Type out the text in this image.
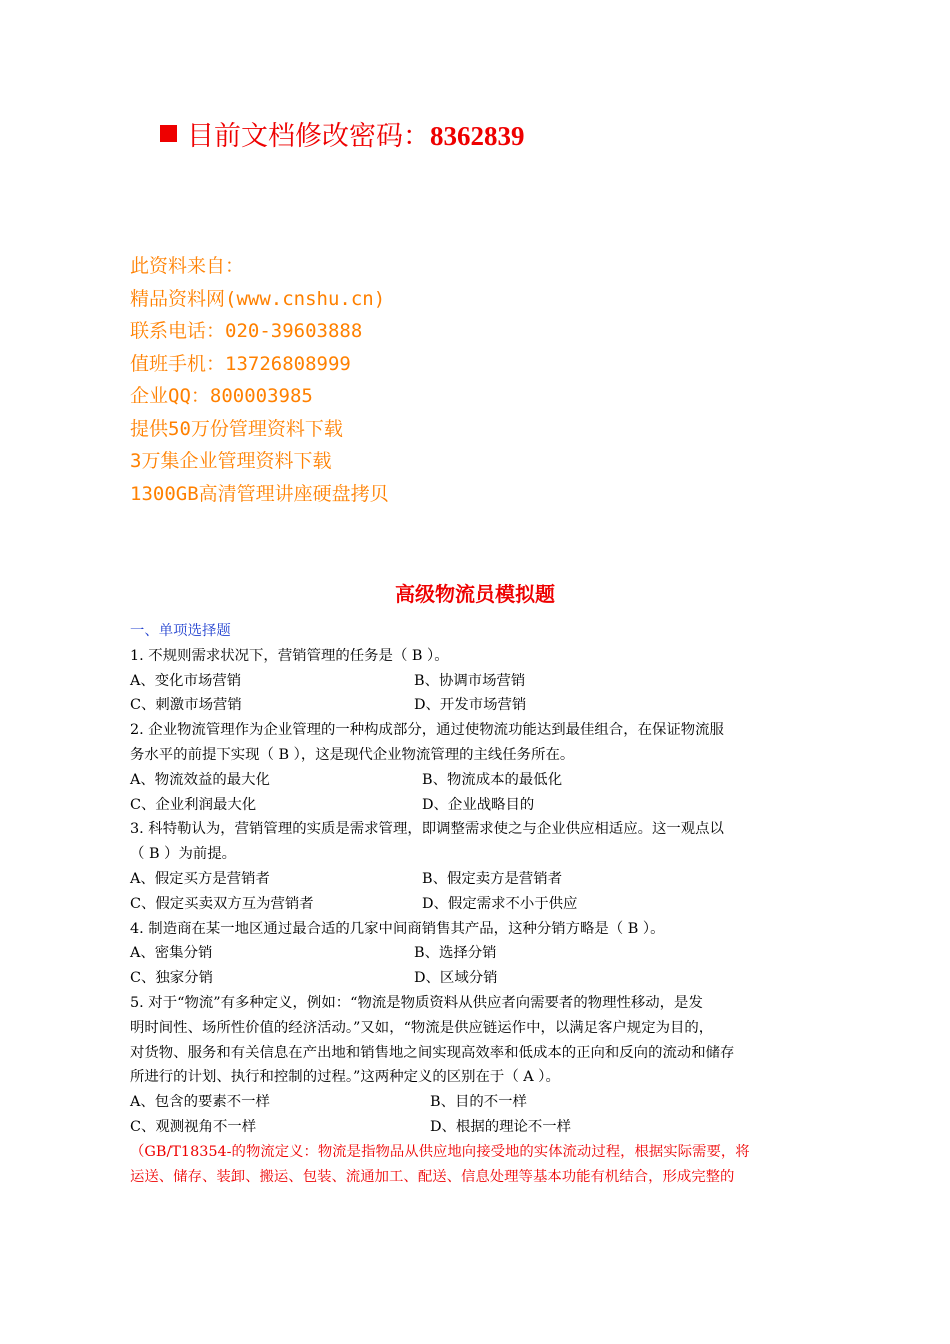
目前文档修改密码：8362839
此资料来自：
精品资料网(www.cnshu.cn)
联系电话：020-39603888
值班手机：13726808999
企业QQ：800003985
提供50万份管理资料下载
3万集企业管理资料下载
1300GB高清管理讲座硬盘拷贝
高级物流员模拟题
一、单项选择题
1. 不规则需求状况下，营销管理的任务是（ B ）。
A、变化市场营销	B、协调市场营销
C、刺激市场营销	D、开发市场营销
2. 企业物流管理作为企业管理的一种构成部分，通过使物流功能达到最佳组合，在保证物流服
务水平的前提下实现（ B ），这是现代企业物流管理的主线任务所在。
A、物流效益的最大化	B、物流成本的最低化
C、企业利润最大化	D、企业战略目的
3. 科特勒认为，营销管理的实质是需求管理，即调整需求使之与企业供应相适应。这一观点以
（ B ）为前提。
A、假定买方是营销者	B、假定卖方是营销者
C、假定买卖双方互为营销者	D、假定需求不小于供应
4. 制造商在某一地区通过最合适的几家中间商销售其产品，这种分销方略是（ B ）。
A、密集分销	B、选择分销
C、独家分销	D、区域分销
5. 对于“物流”有多种定义，例如：“物流是物质资料从供应者向需要者的物理性移动，是发
明时间性、场所性价值的经济活动。”又如，“物流是供应链运作中，以满足客户规定为目的，
对货物、服务和有关信息在产出地和销售地之间实现高效率和低成本的正向和反向的流动和储存
所进行的计划、执行和控制的过程。”这两种定义的区别在于（ A ）。
A、包含的要素不一样	B、目的不一样
C、观测视角不一样	D、根据的理论不一样
（GB/T18354-的物流定义：物流是指物品从供应地向接受地的实体流动过程，根据实际需要，将
运送、储存、装卸、搬运、包装、流通加工、配送、信息处理等基本功能有机结合，形成完整的
